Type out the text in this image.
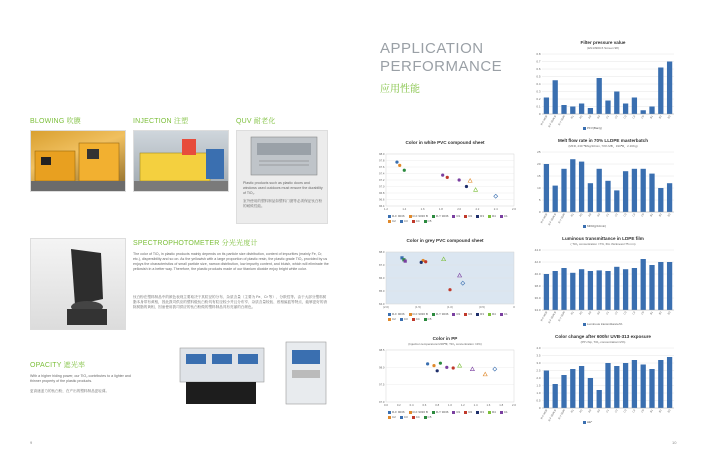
BLOWING 吹膜	INJECTION 注塑	QUV 耐老化
Plastic products such as plastic doors and windows used outdoors must ensure the durability of TiO₂.
室外使用的塑料制品如塑料门窗等必须保证钛白粉的耐候性能。
SPECTROPHOTOMETER 分光光度计
The color of TiO₂ in plastic products mainly depends on its particle size distribution, content of impurities (mainly Fe, Cr, etc.), dispersibility and so on. As the yellowish with a large proportion of plastic resin, the plastic grade TiO₂ provided by us enjoys the characteristics of small particle size, narrow distribution, low impurity content, and bluish, which will eliminate the yellowish in a better way. Therefore, the plastic products made of our titanium dioxide enjoy bright white color.
钛白粉在塑料制品中的颜色表现主要取决于其粒径的分布、杂质含量（主要为 Fe、Cr 等）、分散性等。由于大部分塑料树脂本身带有黄相，因此我司供应的塑料级钛白粉具有粒径较小并且分布窄、杂质含量较低、底相偏蓝等特点，能够更好的消除树脂的黄相，因而使用我司供应的钛白粉做的塑料制品具有亮丽的白颜色。
OPACITY 遮光率
With a higher hiding power, our TiO₂ contributes to a lighter and thinner property of the plastic products.
更高遮盖力的钛白粉，在产出的塑料制品更轻薄。
9
APPLICATION
PERFORMANCE
应用性能
Color in white PVC compound sheet
96.4
96.6
96.8
97.0
97.2
97.4
97.6
97.8
98.0
1.2	1.4	1.6	1.8	2.0	2.2	2.4	2.6
R-F 9036	R-F 9036 B	R-Y 9036	R1	R2	R3	R4	C1
C2	C3	C4	C5
Color in grey PVC compound sheet
84.0
85.0
86.0
87.0
88.0
(2.0)	(1.5)	(1.0)	(0.5)	0
R-F 9036	R-F 9036 B	R-Y 9036	R1	R2	R3	R4	C1
C2	C3	C4	C5
Color in PP
(Injection temperature=230℃, TiO₂ concentration =2%)
97.0
97.5
98.0
98.5
0.0	0.2	0.4	0.6	0.8	1.0	1.2	1.4	1.6	1.8	2.0
R-F 9036	R-F 9036 B	R-Y 9036	R1	R2	R3	R4	C1
C2	C3	C4	C5
Filter pressure value
(EN13900-5 Screen 98)
0
0.1
0.2
0.3
0.4
0.5
0.6
0.7
0.8
R-F 9036 R-F 9036 B R-Y 9036	R1	R2	R3	R4	C1	C2	C3	C4	C5	B1	B2	B3
PFV(Bar/g)
Melt flow rate in 70% LLDPE masterbatch
(MFR, 230 ℃/kg/10min, 70% MB，190℃，2.16Kg)
0
5
10
15
20
25
R-F 9036 R-F 9036 B R-Y 9036	R1	R2	R3	R4	C1	C2	C3	C4	C5	B1	B2	B3
MFR(g/10min)
Luminous transmittance in LDPE film
( TiO₂ concentration =7%, film thickness=75 mm)
34.0
36.0
38.0
40.0
42.0
44.0
R-F 9036 R-F 9036 B R-Y 9036	R1	R2	R3	R4	C1	C2	C3	C4	C5	B1	B2	B3
Luminous transmittance/%
Color change after 600hr UVB-313 exposure
(PP chip, TiO₂ concentration=2%)
0
0.5
1.0
1.5
2.0
2.5
3.0
3.5
4.0
R-F 9036 R-F 9036 B R-Y 9036	R1	R2	R3	R4	C1	C2	C3	C4	C5	B1	B2	B3
ΔE*
10
